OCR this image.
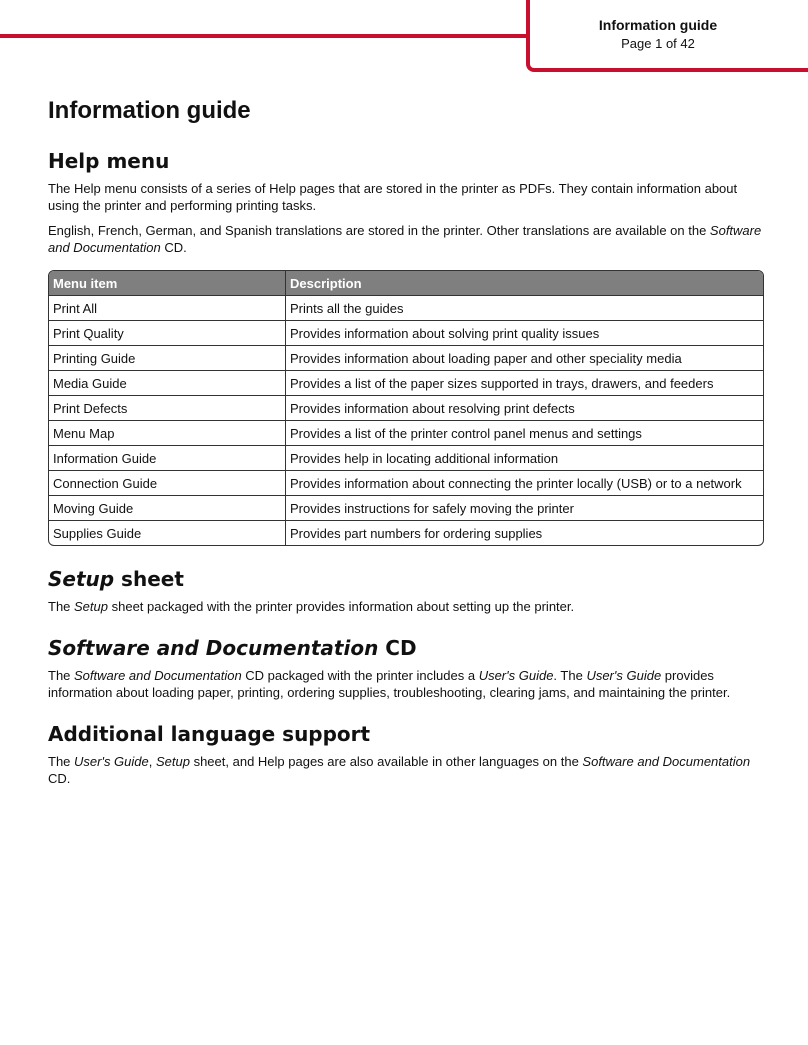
Information guide
Page 1 of 42
Information guide
Help menu

The Help menu consists of a series of Help pages that are stored in the printer as PDFs. They contain information about using the printer and performing printing tasks.

English, French, German, and Spanish translations are stored in the printer. Other translations are available on the Software and Documentation CD.

Menu item	Description
Print All	Prints all the guides
Print Quality	Provides information about solving print quality issues
Printing Guide	Provides information about loading paper and other speciality media
Media Guide	Provides a list of the paper sizes supported in trays, drawers, and feeders
Print Defects	Provides information about resolving print defects
Menu Map	Provides a list of the printer control panel menus and settings
Information Guide	Provides help in locating additional information
Connection Guide	Provides information about connecting the printer locally (USB) or to a network
Moving Guide	Provides instructions for safely moving the printer
Supplies Guide	Provides part numbers for ordering supplies
Setup sheet

The Setup sheet packaged with the printer provides information about setting up the printer.

Software and Documentation CD

The Software and Documentation CD packaged with the printer includes a User's Guide. The User's Guide provides information about loading paper, printing, ordering supplies, troubleshooting, clearing jams, and maintaining the printer.

Additional language support

The User's Guide, Setup sheet, and Help pages are also available in other languages on the Software and Documentation CD.
